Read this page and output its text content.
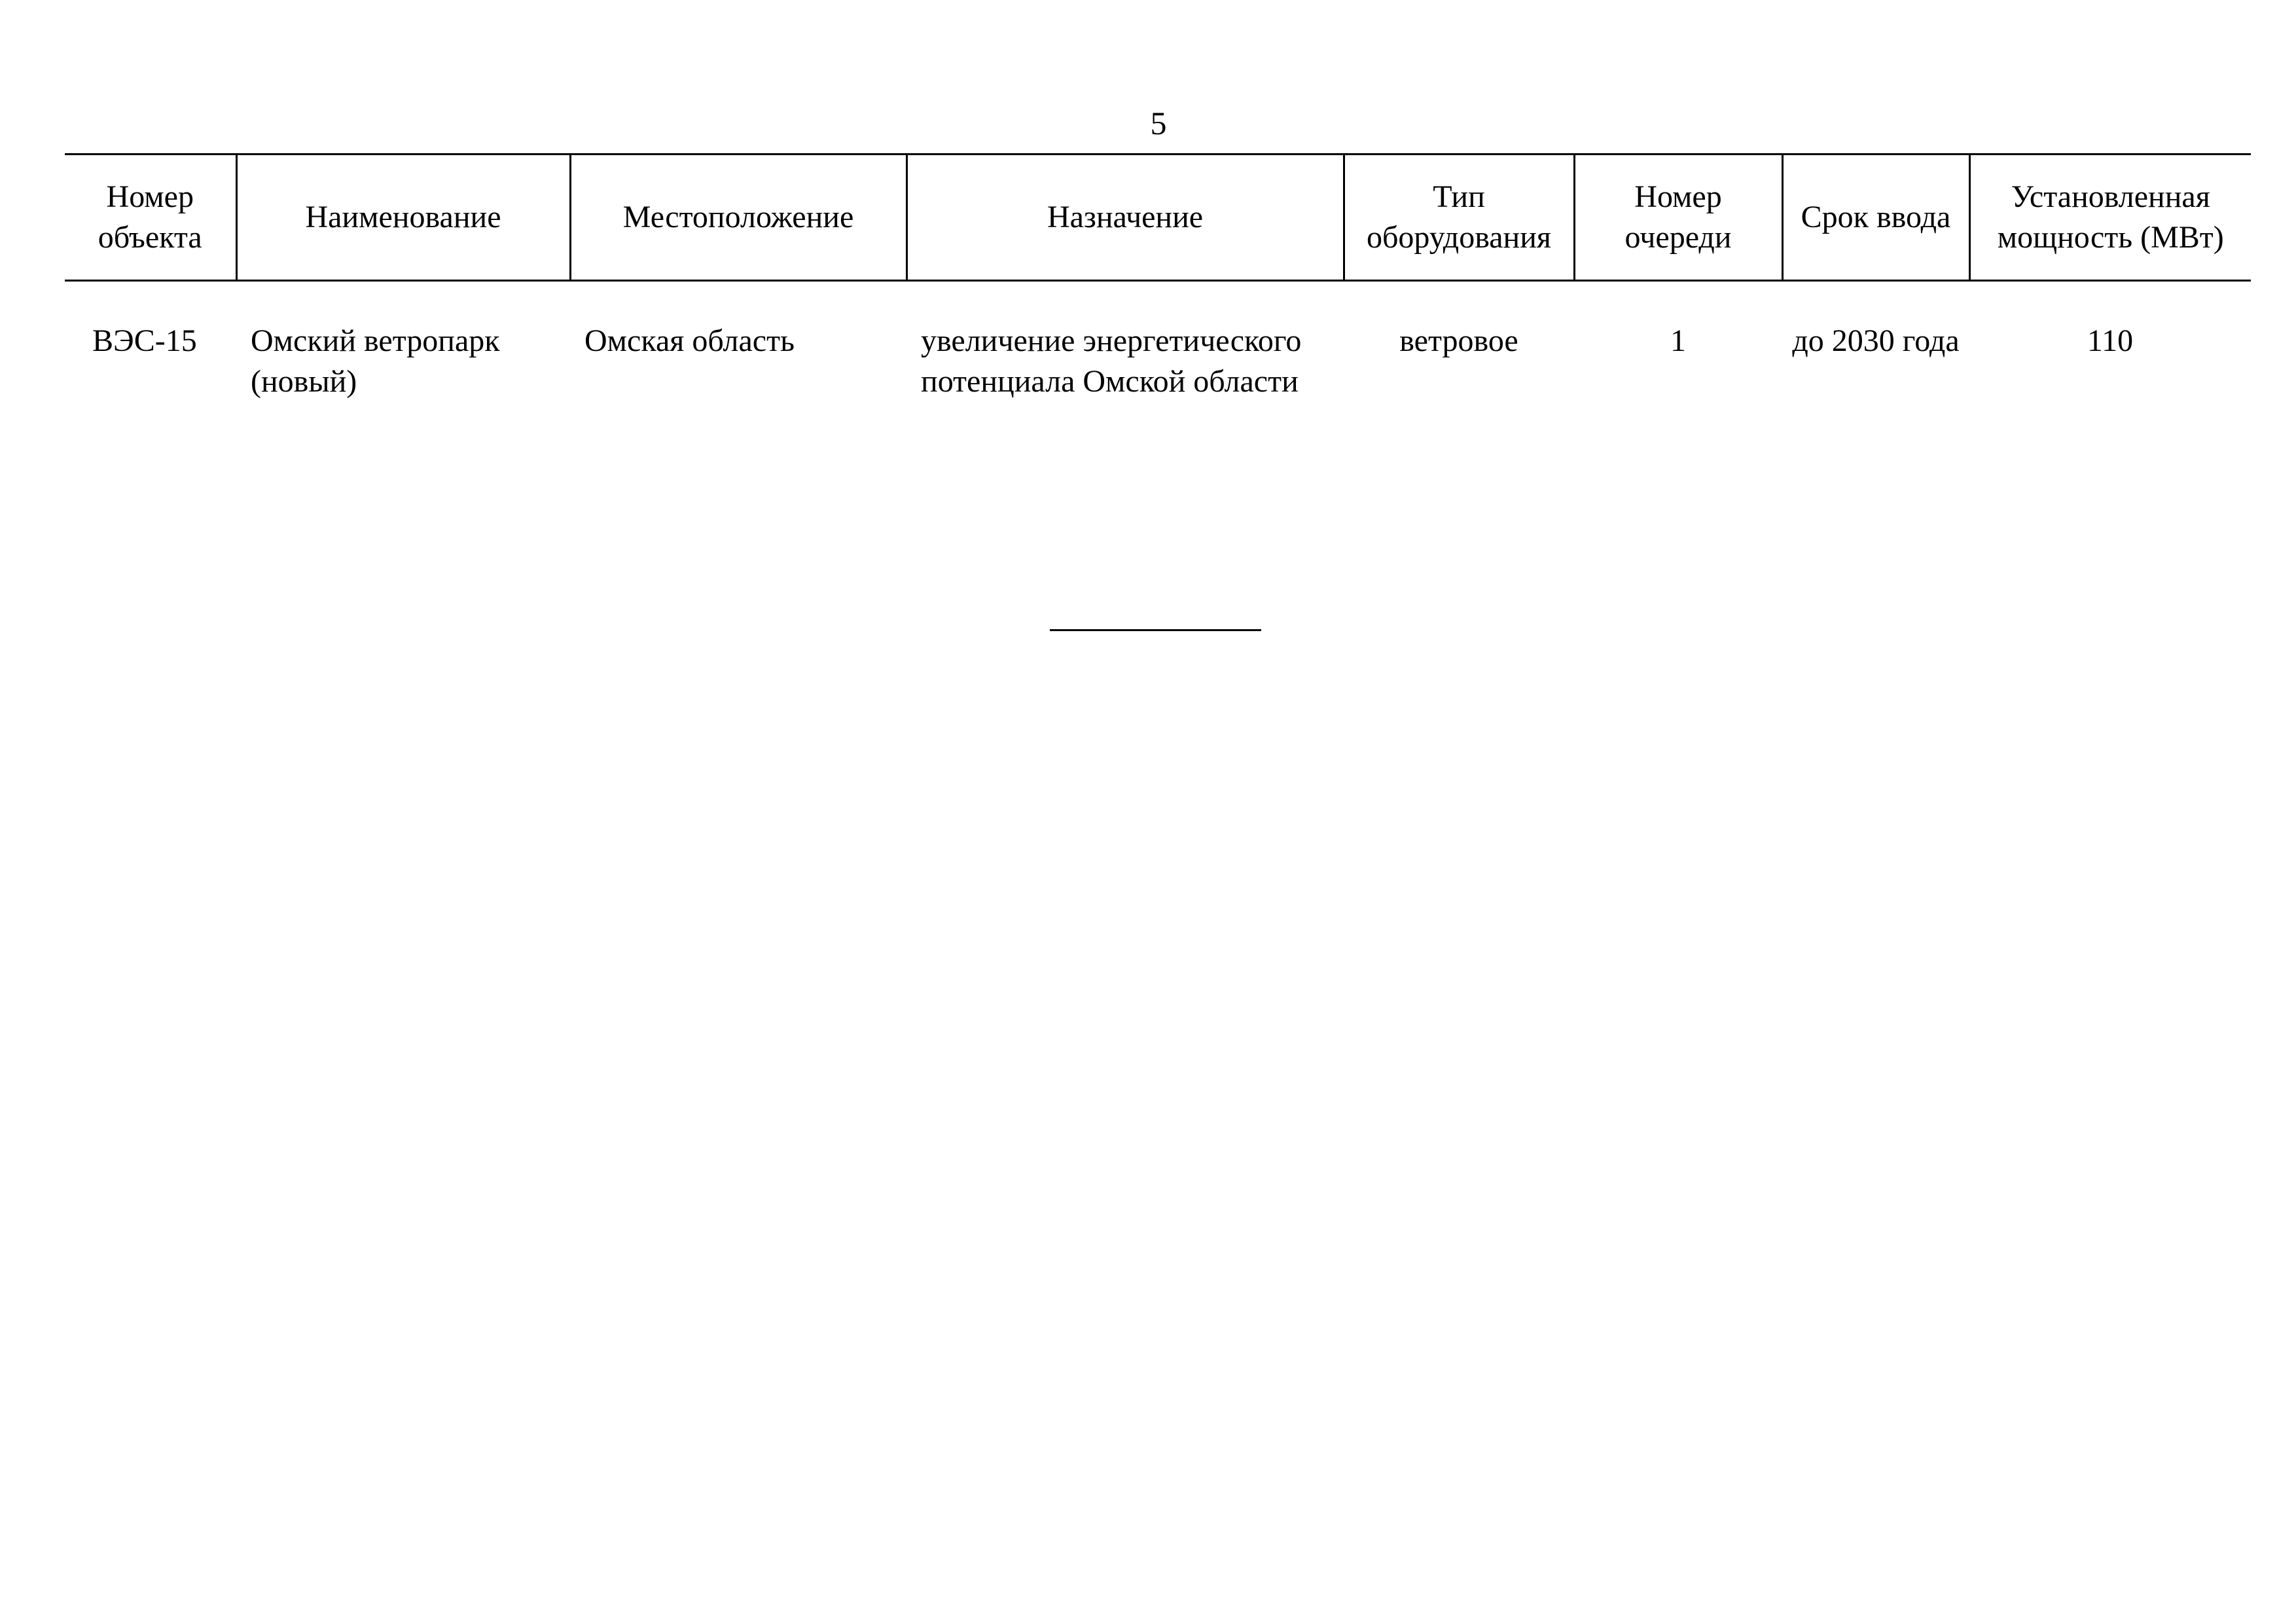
5
Номер объекта	Наименование	Местоположение	Назначение	Тип оборудования	Номер очереди	Срок ввода	Установленная мощность (МВт)
ВЭС-15	Омский ветропарк (новый)	Омская область	увеличение энергетического потенциала Омской области	ветровое	1	до 2030 года	110
